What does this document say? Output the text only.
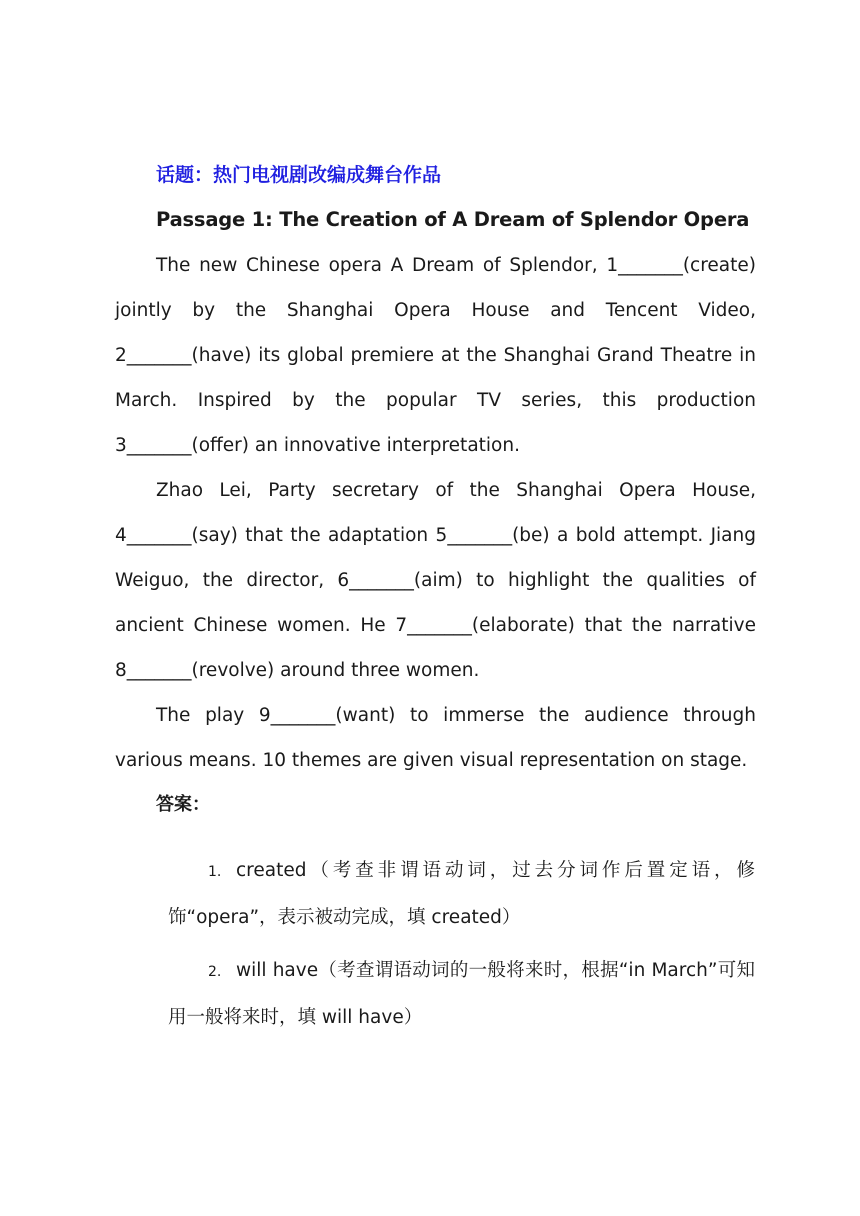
话题：热门电视剧改编成舞台作品
Passage 1: The Creation of A Dream of Splendor Opera
The new Chinese opera A Dream of Splendor, 1_______(create) jointly by the Shanghai Opera House and Tencent Video, 2_______(have) its global premiere at the Shanghai Grand Theatre in March. Inspired by the popular TV series, this production 3_______(offer) an innovative interpretation.
Zhao Lei, Party secretary of the Shanghai Opera House, 4_______(say) that the adaptation 5_______(be) a bold attempt. Jiang Weiguo, the director, 6_______(aim) to highlight the qualities of ancient Chinese women. He 7_______(elaborate) that the narrative 8_______(revolve) around three women.
The play 9_______(want) to immerse the audience through various means. 10 themes are given visual representation on stage.
答案：
1. created（考查非谓语动词，过去分词作后置定语，修饰“opera”，表示被动完成，填 created）
2. will have（考查谓语动词的一般将来时，根据“in March”可知用一般将来时，填 will have）
